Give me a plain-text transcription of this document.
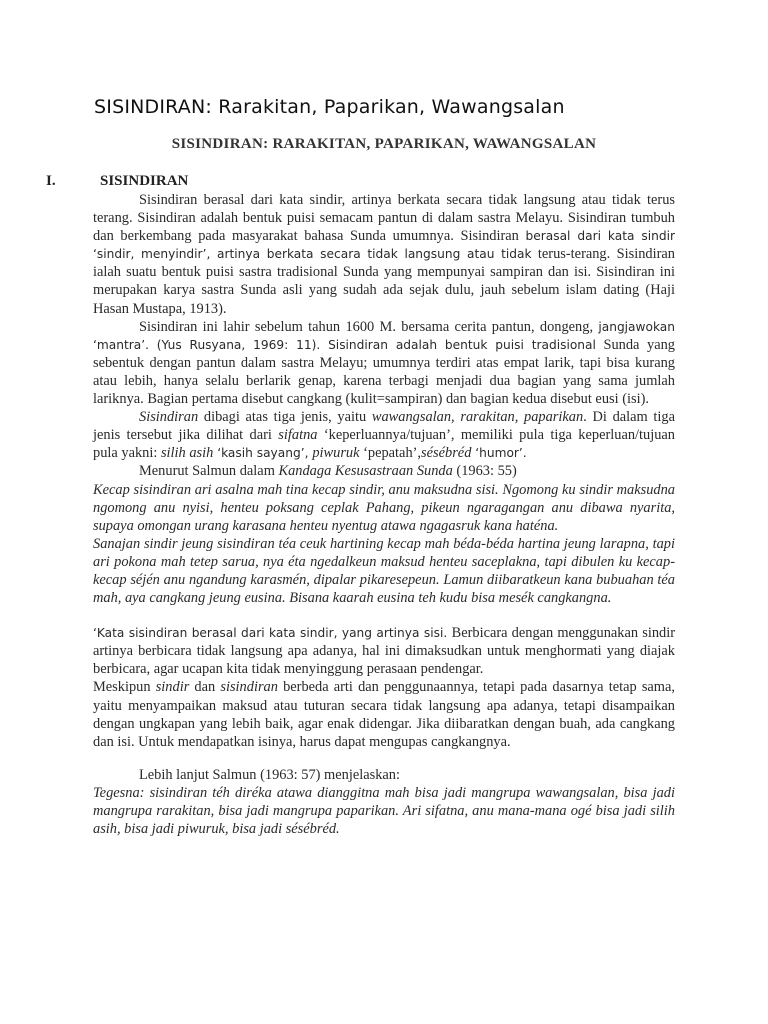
SISINDIRAN: Rarakitan, Paparikan, Wawangsalan
SISINDIRAN: RARAKITAN, PAPARIKAN, WAWANGSALAN
I.	SISINDIRAN

Sisindiran berasal dari kata sindir, artinya berkata secara tidak langsung atau tidak terus terang. Sisindiran adalah bentuk puisi semacam pantun di dalam sastra Melayu. Sisindiran tumbuh dan berkembang pada masyarakat bahasa Sunda umumnya. Sisindiran berasal dari kata sindir ‘sindir, menyindir’, artinya berkata secara tidak langsung atau tidak terus-terang. Sisindiran ialah suatu bentuk puisi sastra tradisional Sunda yang mempunyai sampiran dan isi. Sisindiran ini merupakan karya sastra Sunda asli yang sudah ada sejak dulu, jauh sebelum islam dating (Haji Hasan Mustapa, 1913).

Sisindiran ini lahir sebelum tahun 1600 M. bersama cerita pantun, dongeng, jangjawokan ‘mantra’. (Yus Rusyana, 1969: 11). Sisindiran adalah bentuk puisi tradisional Sunda yang sebentuk dengan pantun dalam sastra Melayu; umumnya terdiri atas empat larik, tapi bisa kurang atau lebih, hanya selalu berlarik genap, karena terbagi menjadi dua bagian yang sama jumlah lariknya. Bagian pertama disebut cangkang (kulit=sampiran) dan bagian kedua disebut eusi (isi).

Sisindiran dibagi atas tiga jenis, yaitu wawangsalan, rarakitan, paparikan. Di dalam tiga jenis tersebut jika dilihat dari sifatna ‘keperluannya/tujuan’, memiliki pula tiga keperluan/tujuan pula yakni: silih asih ‘kasih sayang’, piwuruk ‘pepatah’,sésébréd ‘humor’.

Menurut Salmun dalam Kandaga Kesusastraan Sunda (1963: 55)

Kecap sisindiran ari asalna mah tina kecap sindir, anu maksudna sisi. Ngomong ku sindir maksudna ngomong anu nyisi, henteu poksang ceplak Pahang, pikeun ngaragangan anu dibawa nyarita, supaya omongan urang karasana henteu nyentug atawa ngagasruk kana haténa.

Sanajan sindir jeung sisindiran téa ceuk hartining kecap mah béda-béda hartina jeung larapna, tapi ari pokona mah tetep sarua, nya éta ngedalkeun maksud henteu saceplakna, tapi dibulen ku kecap-kecap séjén anu ngandung karasmén, dipalar pikaresepeun. Lamun diibaratkeun kana bubuahan téa mah, aya cangkang jeung eusina. Bisana kaarah eusina teh kudu bisa mesék cangkangna.

‘Kata sisindiran berasal dari kata sindir, yang artinya sisi. Berbicara dengan menggunakan sindir artinya berbicara tidak langsung apa adanya, hal ini dimaksudkan untuk menghormati yang diajak berbicara, agar ucapan kita tidak menyinggung perasaan pendengar.

Meskipun sindir dan sisindiran berbeda arti dan penggunaannya, tetapi pada dasarnya tetap sama, yaitu menyampaikan maksud atau tuturan secara tidak langsung apa adanya, tetapi disampaikan dengan ungkapan yang lebih baik, agar enak didengar. Jika diibaratkan dengan buah, ada cangkang dan isi. Untuk mendapatkan isinya, harus dapat mengupas cangkangnya.

Lebih lanjut Salmun (1963: 57) menjelaskan:

Tegesna: sisindiran téh diréka atawa dianggitna mah bisa jadi mangrupa wawangsalan, bisa jadi mangrupa rarakitan, bisa jadi mangrupa paparikan. Ari sifatna, anu mana-mana ogé bisa jadi silih asih, bisa jadi piwuruk, bisa jadi sésébréd.
